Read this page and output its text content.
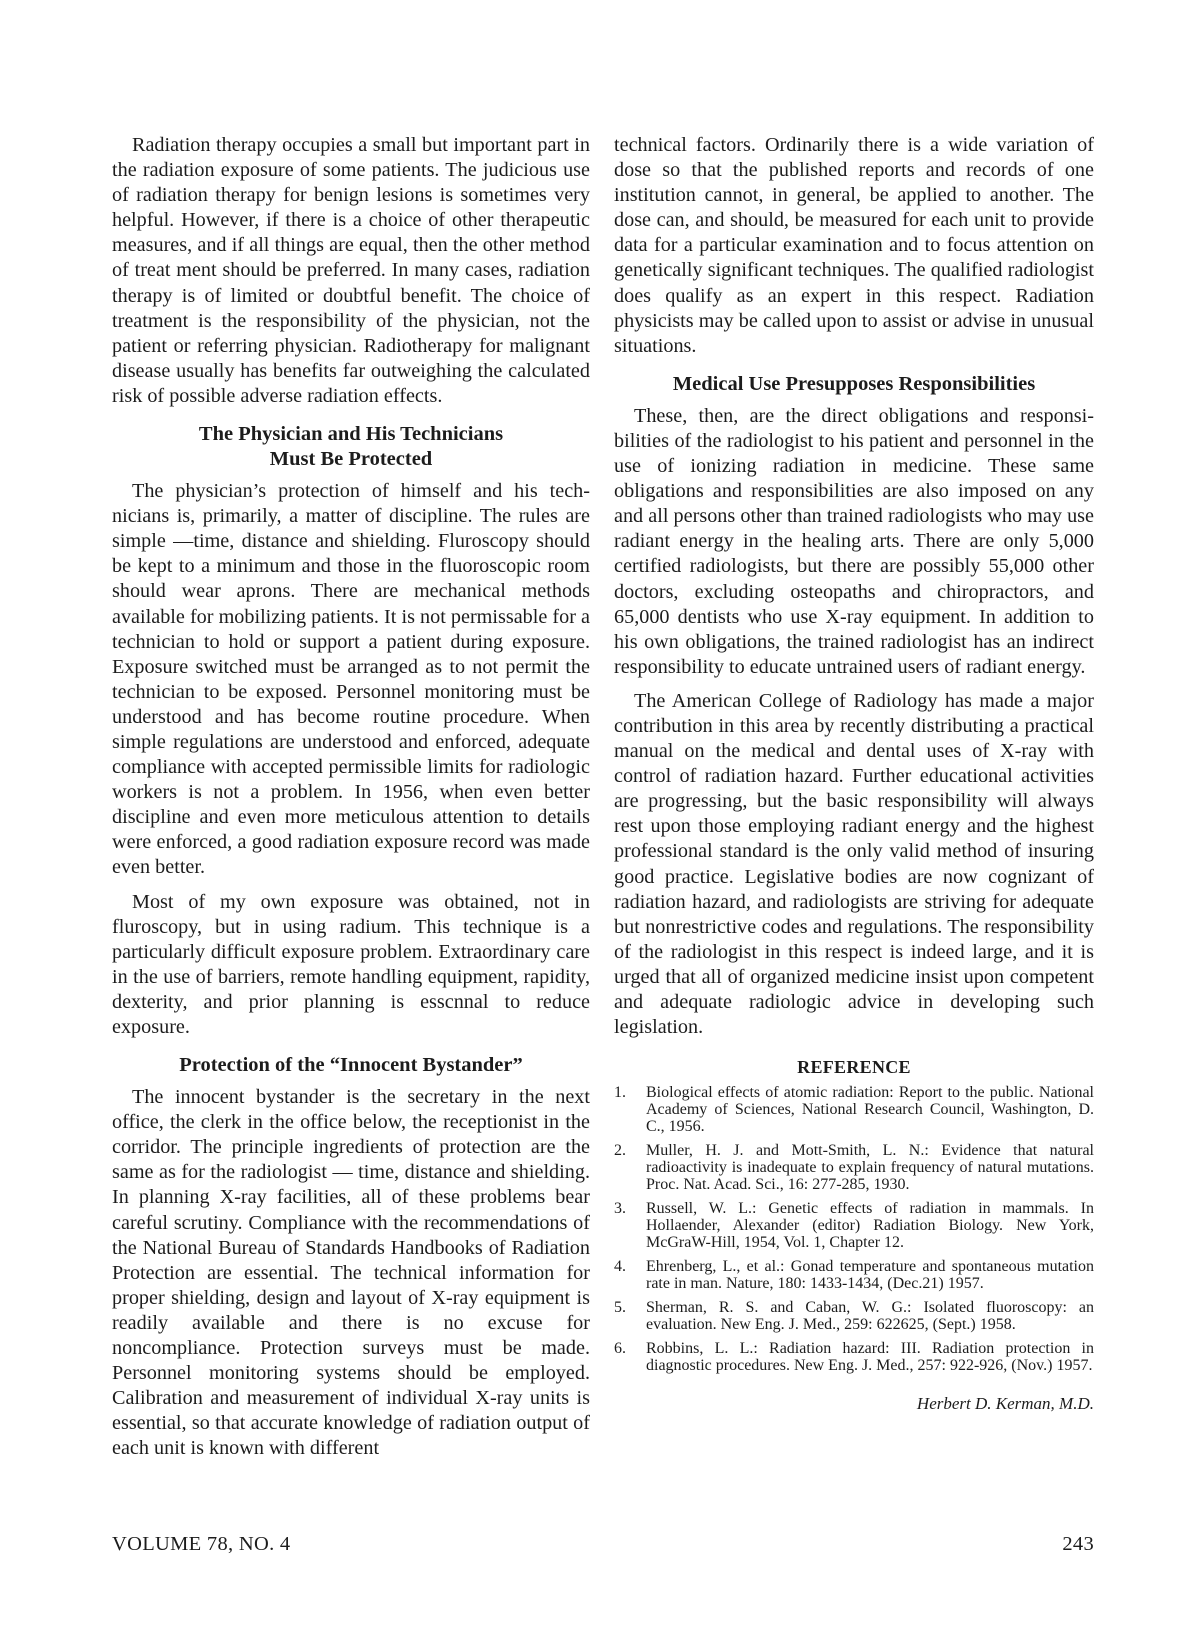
Radiation therapy occupies a small but important part in the radiation exposure of some patients. The judicious use of radiation therapy for benign lesions is sometimes very helpful. However, if there is a choice of other therapeutic measures, and if all things are equal, then the other method of treat ment should be preferred. In many cases, radiation therapy is of limited or doubtful benefit. The choice of treatment is the responsibility of the physician, not the patient or referring physician. Radiotherapy for malignant disease usually has benefits far outweighing the calculated risk of possible adverse radiation effects.

The Physician and His Technicians
Must Be Protected

The physician’s protection of himself and his technicians is, primarily, a matter of discipline. The rules are simple —time, distance and shielding. Fluroscopy should be kept to a minimum and those in the fluoroscopic room should wear aprons. There are mechanical methods available for mobilizing patients. It is not permissable for a technician to hold or support a patient during exposure. Exposure switched must be arranged as to not permit the technician to be exposed. Personnel monitoring must be understood and has become routine procedure. When simple regulations are understood and enforced, adequate compliance with accepted permissible limits for radiologic workers is not a problem. In 1956, when even better discipline and even more meticulous attention to details were enforced, a good radiation exposure record was made even better.

Most of my own exposure was obtained, not in fluroscopy, but in using radium. This technique is a particularly difficult exposure problem. Extraordinary care in the use of barriers, remote handling equipment, rapidity, dexterity, and prior planning is esscnnal to reduce exposure.

Protection of the “Innocent Bystander”

The innocent bystander is the secretary in the next office, the clerk in the office below, the receptionist in the corridor. The principle ingredients of protection are the same as for the radiologist — time, distance and shielding. In planning X-ray facilities, all of these problems bear careful scrutiny. Compliance with the recommendations of the National Bureau of Standards Handbooks of Radiation Protection are essential. The technical information for proper shielding, design and layout of X-ray equipment is readily available and there is no excuse for noncompliance. Protection surveys must be made. Personnel monitoring systems should be employed. Calibration and measurement of individual X-ray units is essential, so that accurate knowledge of radiation output of each unit is known with different

technical factors. Ordinarily there is a wide variation of dose so that the published reports and records of one institution cannot, in general, be applied to another. The dose can, and should, be measured for each unit to provide data for a particular examination and to focus attention on genetically significant techniques. The qualified radiologist does qualify as an expert in this respect. Radiation physicists may be called upon to assist or advise in unusual situations.

Medical Use Presupposes Responsibilities

These, then, are the direct obligations and responsibilities of the radiologist to his patient and personnel in the use of ionizing radiation in medicine. These same obligations and responsibilities are also imposed on any and all persons other than trained radiologists who may use radiant energy in the healing arts. There are only 5,000 certified radiologists, but there are possibly 55,000 other doctors, excluding osteopaths and chiropractors, and 65,000 dentists who use X-ray equipment. In addition to his own obligations, the trained radiologist has an indirect responsibility to educate untrained users of radiant energy.

The American College of Radiology has made a major contribution in this area by recently distributing a practical manual on the medical and dental uses of X-ray with control of radiation hazard. Further educational activities are progressing, but the basic responsibility will always rest upon those employing radiant energy and the highest professional standard is the only valid method of insuring good practice. Legislative bodies are now cognizant of radiation hazard, and radiologists are striving for adequate but nonrestrictive codes and regulations. The responsibility of the radiologist in this respect is indeed large, and it is urged that all of organized medicine insist upon competent and adequate radiologic advice in developing such legislation.

REFERENCE
1. Biological effects of atomic radiation: Report to the public. National Academy of Sciences, National Research Council, Washington, D. C., 1956.
2. Muller, H. J. and Mott-Smith, L. N.: Evidence that natural radioactivity is inadequate to explain frequency of natural mutations. Proc. Nat. Acad. Sci., 16: 277-285, 1930.
3. Russell, W. L.: Genetic effects of radiation in mammals. In Hollaender, Alexander (editor) Radiation Biology. New York, McGraW-Hill, 1954, Vol. 1, Chapter 12.
4. Ehrenberg, L., et al.: Gonad temperature and spontaneous mutation rate in man. Nature, 180: 1433-1434, (Dec.21) 1957.
5. Sherman, R. S. and Caban, W. G.: Isolated fluoroscopy: an evaluation. New Eng. J. Med., 259: 622625, (Sept.) 1958.
6. Robbins, L. L.: Radiation hazard: III. Radiation protection in diagnostic procedures. New Eng. J. Med., 257: 922-926, (Nov.) 1957.
Herbert D. Kerman, M.D.
VOLUME 78, NO. 4	243
